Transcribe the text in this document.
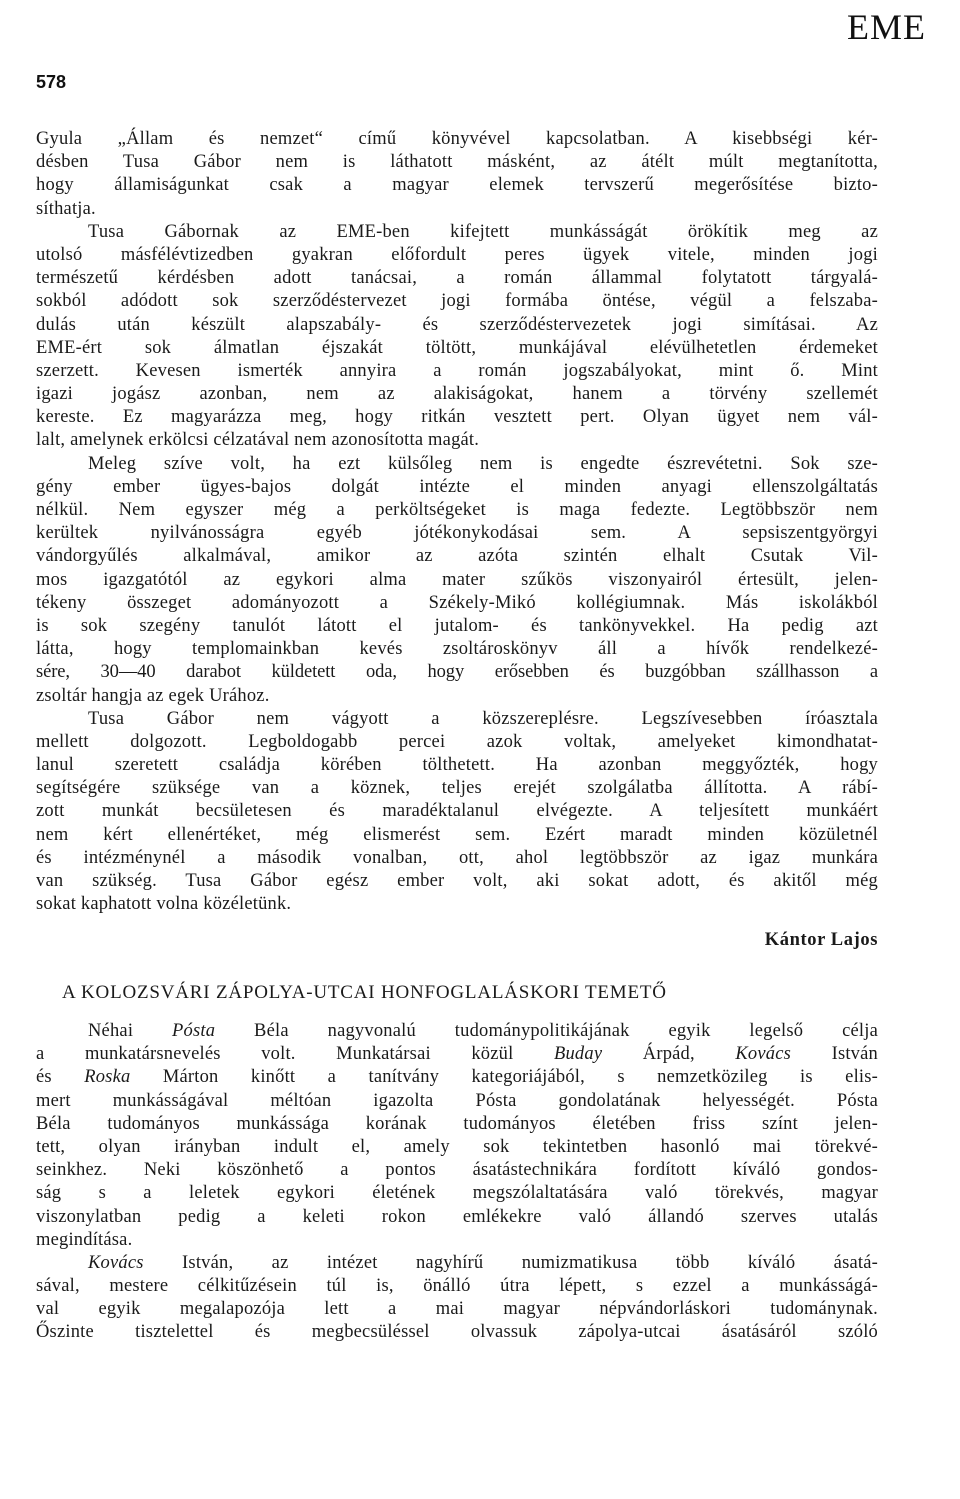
EME
578
Gyula „Állam és nemzet“ című könyvével kapcsolatban. A kisebbségi kér-
désben Tusa Gábor nem is láthatott másként, az átélt múlt megtanította,
hogy államiságunkat csak a magyar elemek tervszerű megerősítése bizto-
síthatja.
Tusa Gábornak az EME-ben kifejtett munkásságát örökítik meg az
utolsó másfélévtizedben gyakran előfordult peres ügyek vitele, minden jogi
természetű kérdésben adott tanácsai, a román állammal folytatott tárgyalá-
sokból adódott sok szerződéstervezet jogi formába öntése, végül a felszaba-
dulás után készült alapszabály- és szerződéstervezetek jogi simításai. Az
EME-ért sok álmatlan éjszakát töltött, munkájával elévülhetetlen érdemeket
szerzett. Kevesen ismerték annyira a román jogszabályokat, mint ő. Mint
igazi jogász azonban, nem az alakiságokat, hanem a törvény szellemét
kereste. Ez magyarázza meg, hogy ritkán vesztett pert. Olyan ügyet nem vál-
lalt, amelynek erkölcsi célzatával nem azonosította magát.
Meleg szíve volt, ha ezt külsőleg nem is engedte észrevétetni. Sok sze-
gény ember ügyes-bajos dolgát intézte el minden anyagi ellenszolgáltatás
nélkül. Nem egyszer még a perköltségeket is maga fedezte. Legtöbbször nem
kerültek nyilvánosságra egyéb jótékonykodásai sem. A sepsiszentgyörgyi
vándorgyűlés alkalmával, amikor az azóta szintén elhalt Csutak Vil-
mos igazgatótól az egykori alma mater szűkös viszonyairól értesült, jelen-
tékeny összeget adományozott a Székely-Mikó kollégiumnak. Más iskolákból
is sok szegény tanulót látott el jutalom- és tankönyvekkel. Ha pedig azt
látta, hogy templomainkban kevés zsoltároskönyv áll a hívők rendelkezé-
sére, 30—40 darabot küldetett oda, hogy erősebben és buzgóbban szállhasson a
zsoltár hangja az egek Urához.
Tusa Gábor nem vágyott a közszereplésre. Legszívesebben íróasztala
mellett dolgozott. Legboldogabb percei azok voltak, amelyeket kimondhatat-
lanul szeretett családja körében tölthetett. Ha azonban meggyőzték, hogy
segítségére szüksége van a köznek, teljes erejét szolgálatba állította. A rábí-
zott munkát becsületesen és maradéktalanul elvégezte. A teljesített munkáért
nem kért ellenértéket, még elismerést sem. Ezért maradt minden közületnél
és intézménynél a második vonalban, ott, ahol legtöbbször az igaz munkára
van szükség. Tusa Gábor egész ember volt, aki sokat adott, és akitől még
sokat kaphatott volna közéletünk.
Kántor Lajos
A KOLOZSVÁRI ZÁPOLYA-UTCAI HONFOGLALÁSKORI TEMETŐ
Néhai Pósta Béla nagyvonalú tudománypolitikájának egyik legelső célja
a munkatársnevelés volt. Munkatársai közül Buday Árpád, Kovács István
és Roska Márton kinőtt a tanítvány kategoriájából, s nemzetközileg is elis-
mert munkásságával méltóan igazolta Pósta gondolatának helyességét. Pósta
Béla tudományos munkássága korának tudományos életében friss színt jelen-
tett, olyan irányban indult el, amely sok tekintetben hasonló mai törekvé-
seinkhez. Neki köszönhető a pontos ásatástechnikára fordított kíváló gondos-
ság s a leletek egykori életének megszólaltatására való törekvés, magyar
viszonylatban pedig a keleti rokon emlékekre való állandó szerves utalás
megindítása.
Kovács István, az intézet nagyhírű numizmatikusa több kíváló ásatá-
sával, mestere célkitűzésein túl is, önálló útra lépett, s ezzel a munkásságá-
val egyik megalapozója lett a mai magyar népvándorláskori tudománynak.
Őszinte tisztelettel és megbecsüléssel olvassuk zápolya-utcai ásatásáról szóló
